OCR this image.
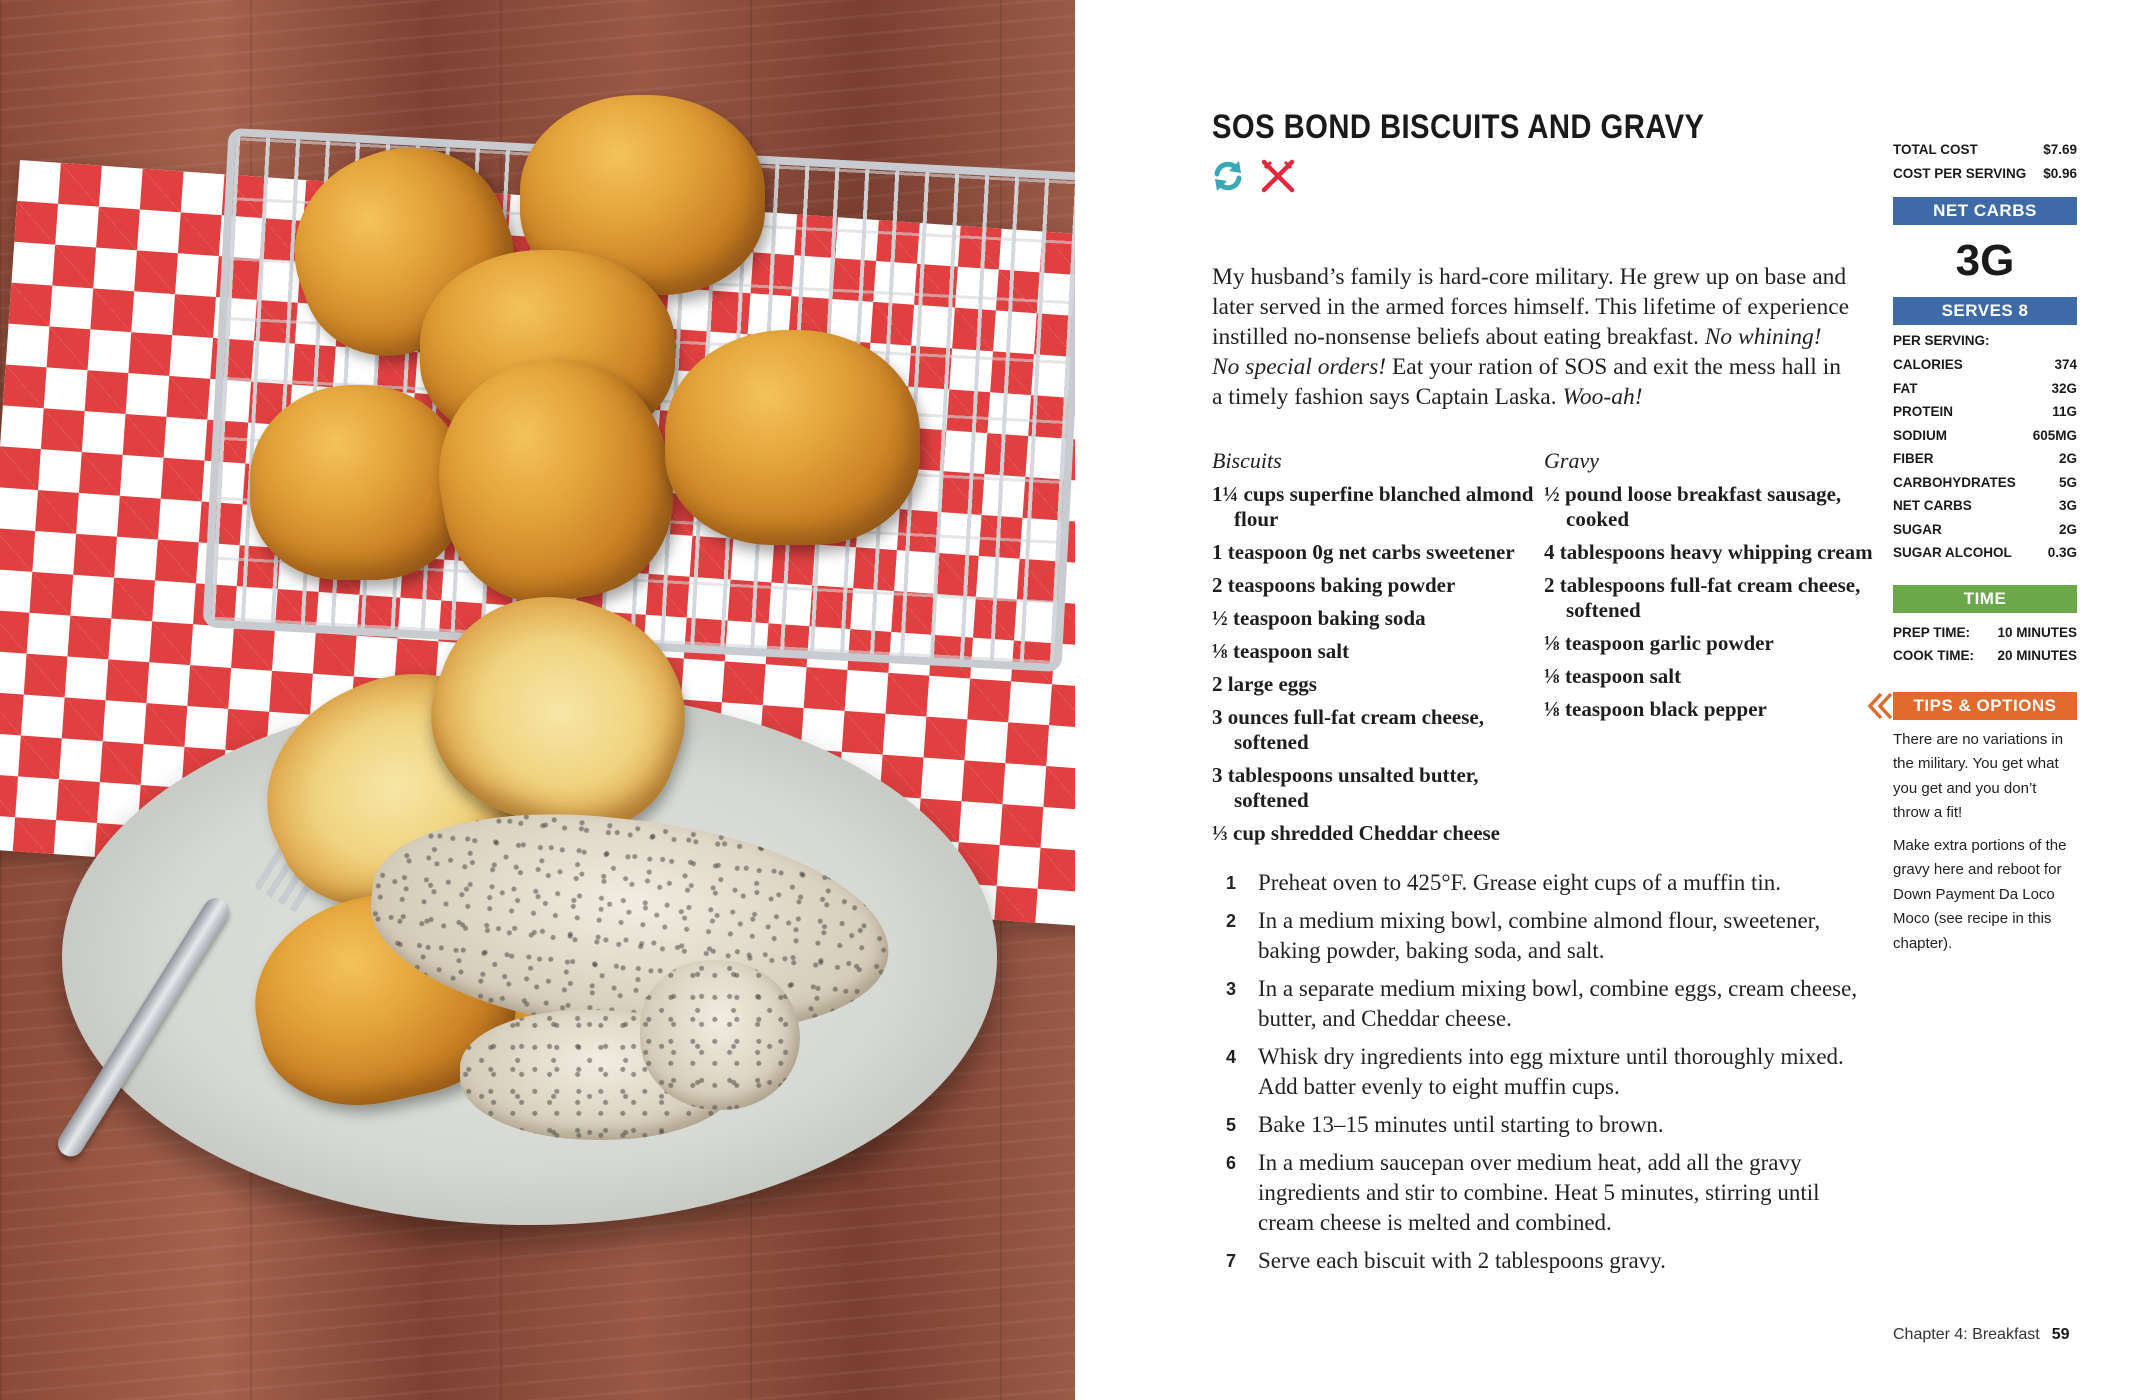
SOS BOND BISCUITS AND GRAVY

My husband’s family is hard-core military. He grew up on base and later served in the armed forces himself. This lifetime of experience instilled no-nonsense beliefs about eating breakfast. No whining! No special orders! Eat your ration of SOS and exit the mess hall in a timely fashion says Captain Laska. Woo-ah!

Biscuits
1¼ cups superfine blanched almond flour
1 teaspoon 0g net carbs sweetener
2 teaspoons baking powder
½ teaspoon baking soda
⅛ teaspoon salt
2 large eggs
3 ounces full-fat cream cheese, softened
3 tablespoons unsalted butter, softened
⅓ cup shredded Cheddar cheese
Gravy
½ pound loose breakfast sausage, cooked
4 tablespoons heavy whipping cream
2 tablespoons full-fat cream cheese, softened
⅛ teaspoon garlic powder
⅛ teaspoon salt
⅛ teaspoon black pepper
1 Preheat oven to 425°F. Grease eight cups of a muffin tin.
2 In a medium mixing bowl, combine almond flour, sweetener, baking powder, baking soda, and salt.
3 In a separate medium mixing bowl, combine eggs, cream cheese, butter, and Cheddar cheese.
4 Whisk dry ingredients into egg mixture until thoroughly mixed. Add batter evenly to eight muffin cups.
5 Bake 13–15 minutes until starting to brown.
6 In a medium saucepan over medium heat, add all the gravy ingredients and stir to combine. Heat 5 minutes, stirring until cream cheese is melted and combined.
7 Serve each biscuit with 2 tablespoons gravy.
TOTAL COST	$7.69
COST PER SERVING $0.96
NET CARBS
3G
SERVES 8
PER SERVING:
CALORIES	374
FAT	32G
PROTEIN	11G
SODIUM	605MG
FIBER	2G
CARBOHYDRATES	5G
NET CARBS	3G
SUGAR	2G
SUGAR ALCOHOL	0.3G
TIME
PREP TIME: 10 MINUTES
COOK TIME: 20 MINUTES
TIPS & OPTIONS

There are no variations in the military. You get what you get and you don’t throw a fit!

Make extra portions of the gravy here and reboot for Down Payment Da Loco Moco (see recipe in this chapter).

Chapter 4: Breakfast 59
